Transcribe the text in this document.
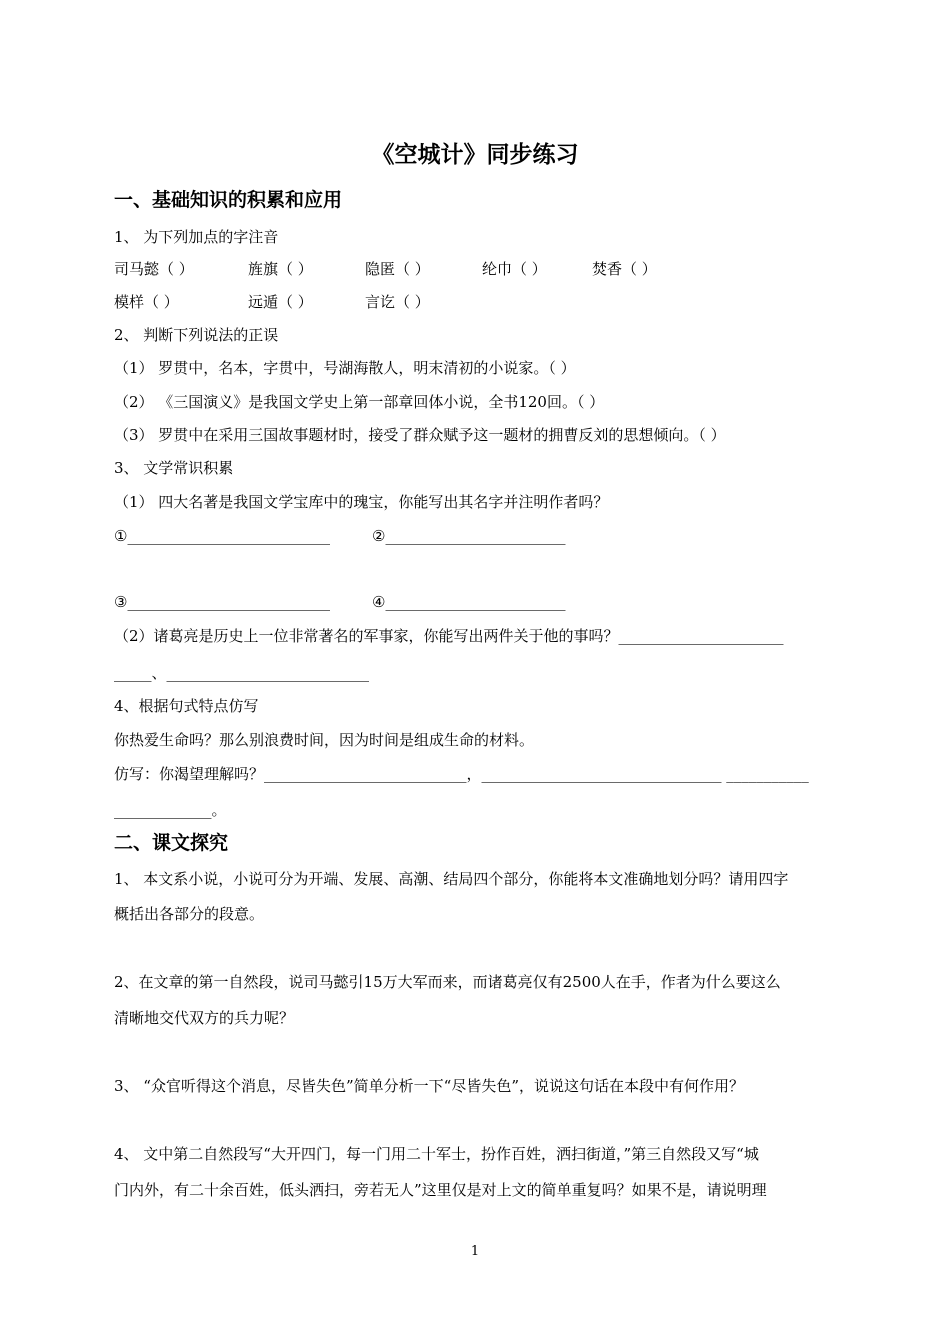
《空城计》同步练习
一、基础知识的积累和应用
1、 为下列加点的字注音
司马懿（ ）	旌旗（ ）	隐匿（ ）	纶巾（ ）	焚香（ ）
模样（ ）	远遁（ ）	言讫（ ）
2、 判断下列说法的正误
（1） 罗贯中，名本，字贯中，号湖海散人，明末清初的小说家。（ ）
（2） 《三国演义》是我国文学史上第一部章回体小说，全书120回。（ ）
（3） 罗贯中在采用三国故事题材时，接受了群众赋予这一题材的拥曹反刘的思想倾向。（ ）
3、 文学常识积累
（1） 四大名著是我国文学宝库中的瑰宝，你能写出其名字并注明作者吗？
①___________________________	②________________________
③___________________________	④________________________
（2）诸葛亮是历史上一位非常著名的军事家，你能写出两件关于他的事吗？______________________
_____、___________________________
4、根据句式特点仿写
你热爱生命吗？那么别浪费时间，因为时间是组成生命的材料。
仿写：你渴望理解吗？___________________________，________________________________ ___________
_____________。
二、课文探究
1、 本文系小说，小说可分为开端、发展、高潮、结局四个部分，你能将本文准确地划分吗？请用四字
概括出各部分的段意。
2、在文章的第一自然段，说司马懿引15万大军而来，而诸葛亮仅有2500人在手，作者为什么要这么
清晰地交代双方的兵力呢？
3、 “众官听得这个消息，尽皆失色”简单分析一下“尽皆失色”，说说这句话在本段中有何作用？
4、 文中第二自然段写“大开四门，每一门用二十军士，扮作百姓，洒扫街道，”第三自然段又写“城
门内外，有二十余百姓，低头洒扫，旁若无人”这里仅是对上文的简单重复吗？如果不是，请说明理
1
